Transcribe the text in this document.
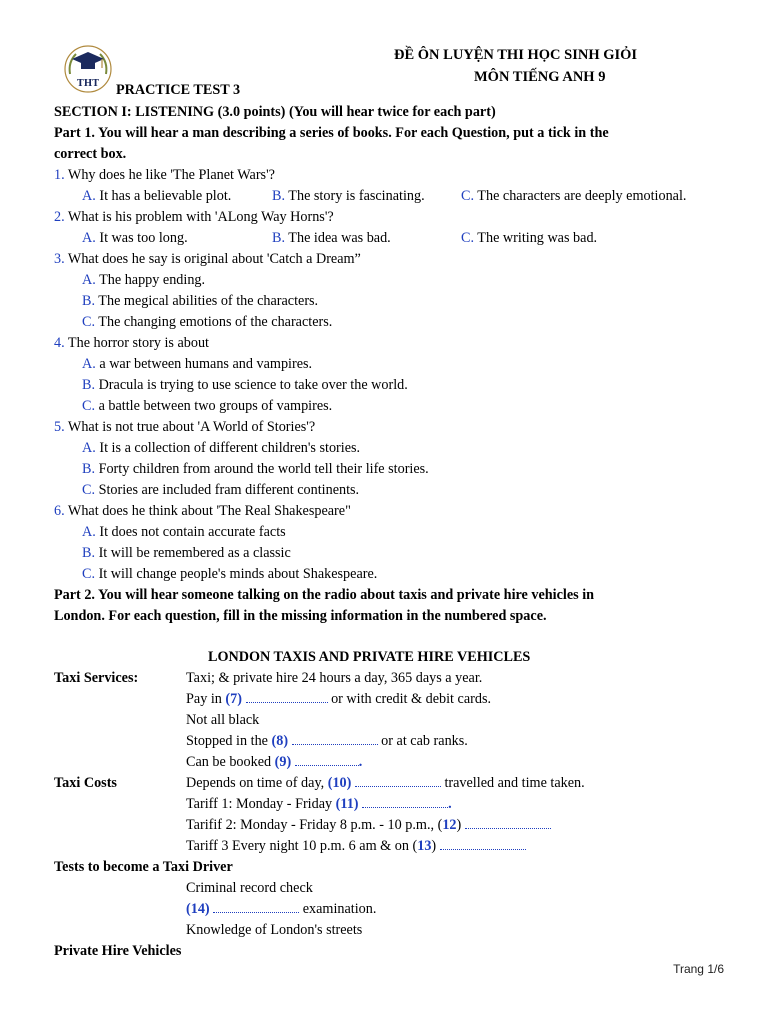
THT
ĐỀ ÔN LUYỆN THI HỌC SINH GIỎI
MÔN TIẾNG ANH 9
PRACTICE TEST 3
SECTION I: LISTENING (3.0 points) (You will hear twice for each part)
Part 1. You will hear a man describing a series of books. For each Question, put a tick in the
correct box.
1. Why does he like 'The Planet Wars'?
A. It has a believable plot.	B. The story is fascinating.	C. The characters are deeply emotional.
2. What is his problem with 'ALong Way Horns'?
A. It was too long.	B. The idea was bad.	C. The writing was bad.
3. What does he say is original about 'Catch a Dream”
A. The happy ending.
B. The megical abilities of the characters.
C. The changing emotions of the characters.
4. The horror story is about
A. a war between humans and vampires.
B. Dracula is trying to use science to take over the world.
C. a battle between two groups of vampires.
5. What is not true about 'A World of Stories'?
A. It is a collection of different children's stories.
B. Forty children from around the world tell their life stories.
C. Stories are included fram different continents.
6. What does he think about 'The Real Shakespeare"
A. It does not contain accurate facts
B. It will be remembered as a classic
C. It will change people's minds about Shakespeare.
Part 2. You will hear someone talking on the radio about taxis and private hire vehicles in
London. For each question, fill in the missing information in the numbered space.
LONDON TAXIS AND PRIVATE HIRE VEHICLES
Taxi Services:	Taxi; & private hire 24 hours a day, 365 days a year.
Pay in (7)	or with credit & debit cards.
Not all black
Stopped in the (8)	or at cab ranks.
Can be booked (9)	.
Taxi Costs	Depends on time of day, (10)	travelled and time taken.
Tariff 1: Monday - Friday (11)	.
Tarifif 2: Monday - Friday 8 p.m. - 10 p.m., (12)
Tariff 3 Every night 10 p.m. 6 am & on (13)
Tests to become a Taxi Driver
Criminal record check
(14)	examination.
Knowledge of London's streets
Private Hire Vehicles
Trang 1/6
